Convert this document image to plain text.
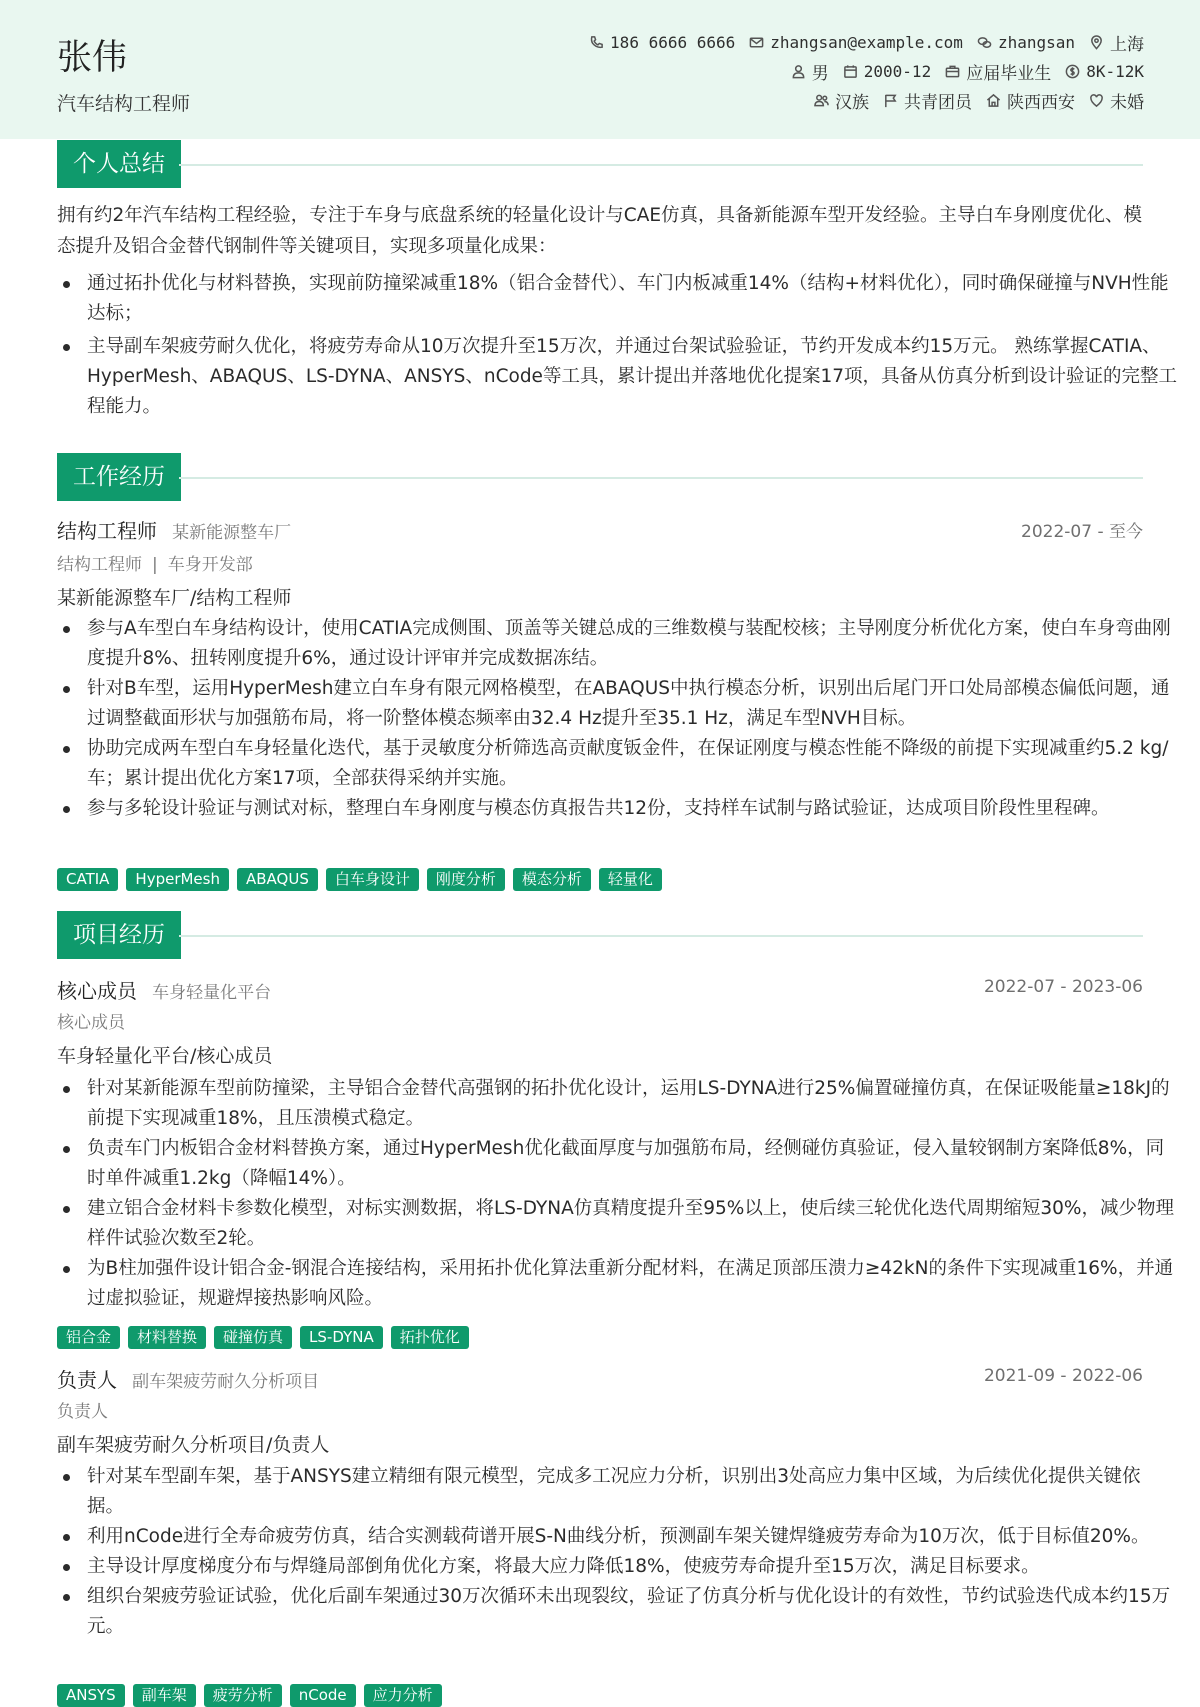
张伟
汽车结构工程师
186 6666 6666 zhangsan@example.com zhangsan 上海
男 2000-12 应届毕业生 8K-12K
汉族 共青团员 陕西西安 未婚
个人总结
拥有约2年汽车结构工程经验，专注于车身与底盘系统的轻量化设计与CAE仿真，具备新能源车型开发经验。主导白车身刚度优化、模态提升及铝合金替代钢制件等关键项目，实现多项量化成果：
通过拓扑优化与材料替换，实现前防撞梁减重18%（铝合金替代）、车门内板减重14%（结构+材料优化），同时确保碰撞与NVH性能达标；
主导副车架疲劳耐久优化，将疲劳寿命从10万次提升至15万次，并通过台架试验验证，节约开发成本约15万元。 熟练掌握CATIA、HyperMesh、ABAQUS、LS-DYNA、ANSYS、nCode等工具，累计提出并落地优化提案17项，具备从仿真分析到设计验证的完整工程能力。
工作经历
结构工程师 某新能源整车厂	2022-07 - 至今
结构工程师 | 车身开发部
某新能源整车厂/结构工程师
参与A车型白车身结构设计，使用CATIA完成侧围、顶盖等关键总成的三维数模与装配校核；主导刚度分析优化方案，使白车身弯曲刚度提升8%、扭转刚度提升6%，通过设计评审并完成数据冻结。
针对B车型，运用HyperMesh建立白车身有限元网格模型，在ABAQUS中执行模态分析，识别出后尾门开口处局部模态偏低问题，通过调整截面形状与加强筋布局，将一阶整体模态频率由32.4 Hz提升至35.1 Hz，满足车型NVH目标。
协助完成两车型白车身轻量化迭代，基于灵敏度分析筛选高贡献度钣金件，在保证刚度与模态性能不降级的前提下实现减重约5.2 kg/车；累计提出优化方案17项，全部获得采纳并实施。
参与多轮设计验证与测试对标，整理白车身刚度与模态仿真报告共12份，支持样车试制与路试验证，达成项目阶段性里程碑。
CATIA	HyperMesh	ABAQUS	白车身设计	刚度分析	模态分析	轻量化
项目经历
核心成员 车身轻量化平台	2022-07 - 2023-06
核心成员
车身轻量化平台/核心成员
针对某新能源车型前防撞梁，主导铝合金替代高强钢的拓扑优化设计，运用LS-DYNA进行25%偏置碰撞仿真，在保证吸能量≥18kJ的前提下实现减重18%，且压溃模式稳定。
负责车门内板铝合金材料替换方案，通过HyperMesh优化截面厚度与加强筋布局，经侧碰仿真验证，侵入量较钢制方案降低8%，同时单件减重1.2kg（降幅14%）。
建立铝合金材料卡参数化模型，对标实测数据，将LS-DYNA仿真精度提升至95%以上，使后续三轮优化迭代周期缩短30%，减少物理样件试验次数至2轮。
为B柱加强件设计铝合金-钢混合连接结构，采用拓扑优化算法重新分配材料，在满足顶部压溃力≥42kN的条件下实现减重16%，并通过虚拟验证，规避焊接热影响风险。
铝合金	材料替换	碰撞仿真	LS-DYNA	拓扑优化
负责人 副车架疲劳耐久分析项目	2021-09 - 2022-06
负责人
副车架疲劳耐久分析项目/负责人
针对某车型副车架，基于ANSYS建立精细有限元模型，完成多工况应力分析，识别出3处高应力集中区域，为后续优化提供关键依据。
利用nCode进行全寿命疲劳仿真，结合实测载荷谱开展S-N曲线分析，预测副车架关键焊缝疲劳寿命为10万次，低于目标值20%。
主导设计厚度梯度分布与焊缝局部倒角优化方案，将最大应力降低18%，使疲劳寿命提升至15万次，满足目标要求。
组织台架疲劳验证试验，优化后副车架通过30万次循环未出现裂纹，验证了仿真分析与优化设计的有效性，节约试验迭代成本约15万元。
ANSYS	副车架	疲劳分析	nCode	应力分析
